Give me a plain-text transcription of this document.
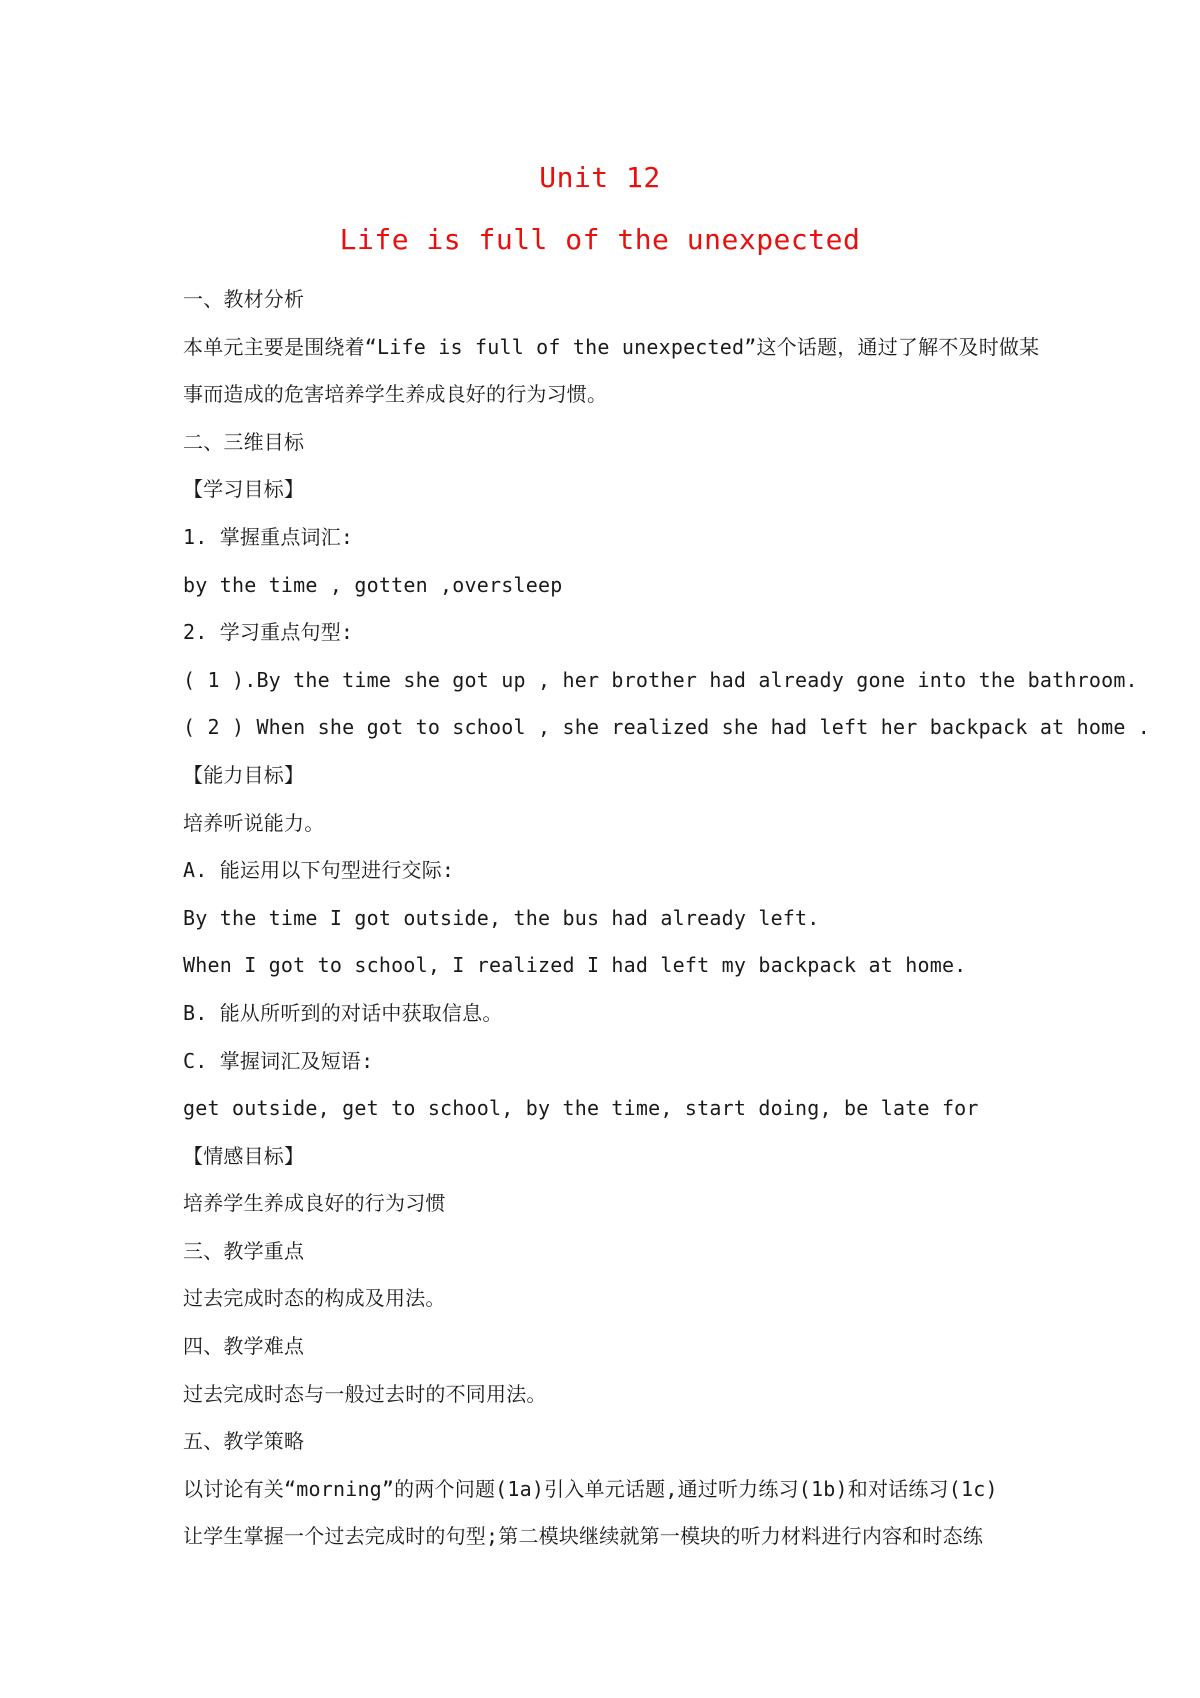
Unit 12
Life is full of the unexpected
一、教材分析
本单元主要是围绕着“Life is full of the unexpected”这个话题，通过了解不及时做某
事而造成的危害培养学生养成良好的行为习惯。
二、三维目标
【学习目标】
1. 掌握重点词汇:
by the time , gotten ,oversleep
2. 学习重点句型:
( 1 ).By the time she got up , her brother had already gone into the bathroom.
( 2 ) When she got to school , she realized she had left her backpack at home .
【能力目标】
培养听说能力。
A. 能运用以下句型进行交际:
By the time I got outside, the bus had already left.
When I got to school, I realized I had left my backpack at home.
B. 能从所听到的对话中获取信息。
C. 掌握词汇及短语:
get outside, get to school, by the time, start doing, be late for
【情感目标】
培养学生养成良好的行为习惯
三、教学重点
过去完成时态的构成及用法。
四、教学难点
过去完成时态与一般过去时的不同用法。
五、教学策略
以讨论有关“morning”的两个问题(1a)引入单元话题,通过听力练习(1b)和对话练习(1c)
让学生掌握一个过去完成时的句型;第二模块继续就第一模块的听力材料进行内容和时态练
